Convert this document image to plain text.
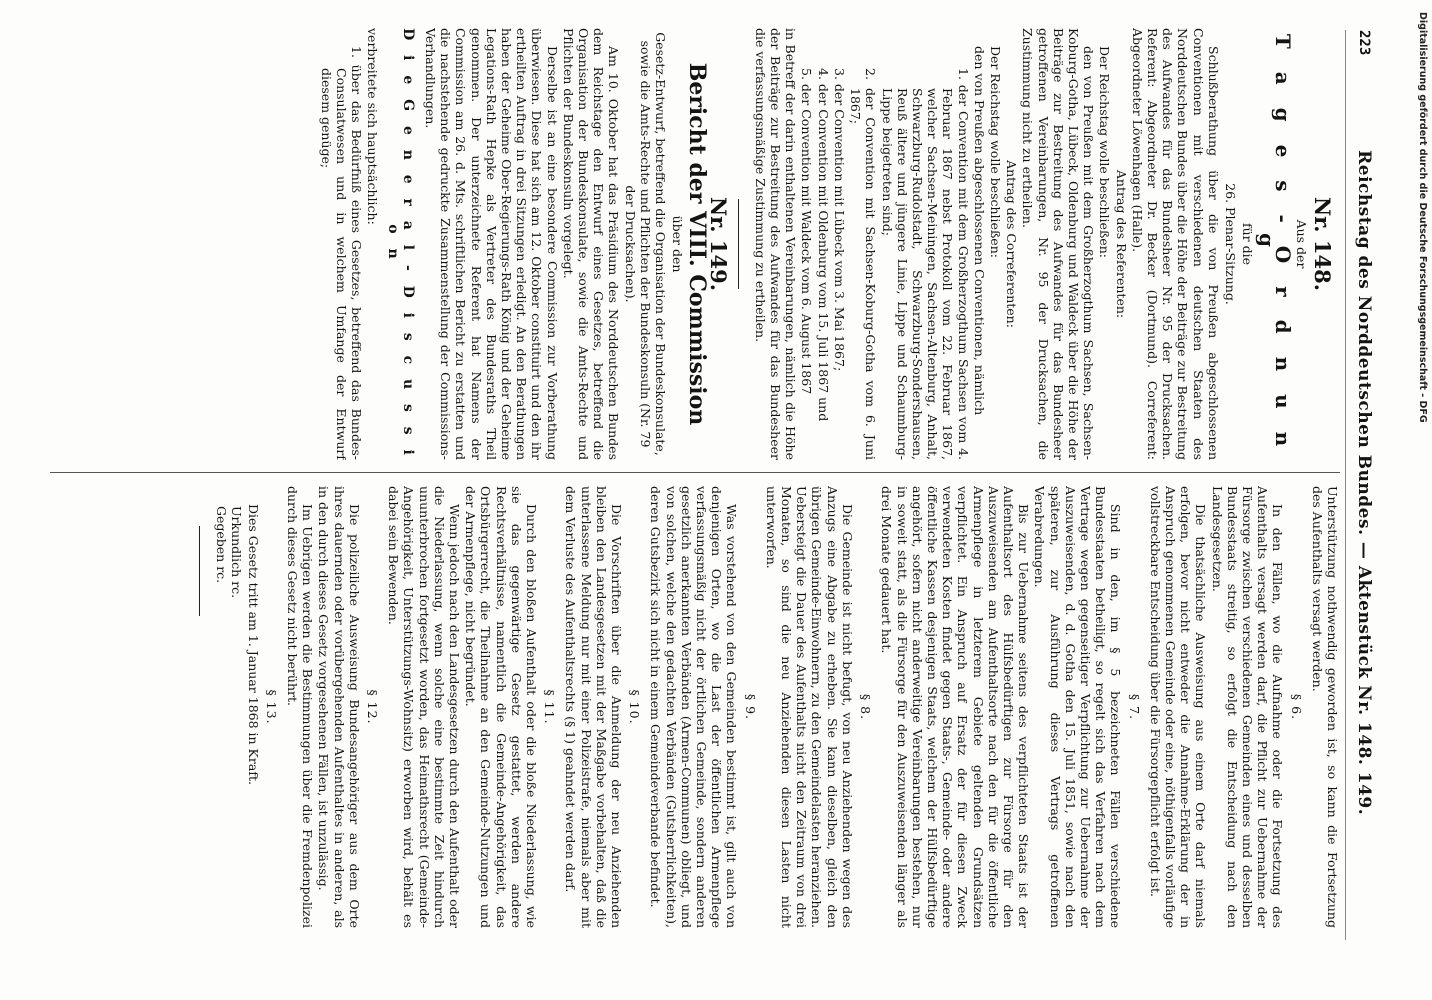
223
Reichstag des Norddeutschen Bundes. — Aktenstück Nr. 148. 149.
Nr. 148.
Aus der
T a g e s - O r d n u n g
für die
26. Plenar-Sitzung.

Schlußberathung über die von Preußen abgeschlossenen Conventionen mit verschiedenen deutschen Staaten des Norddeutschen Bundes über die Höhe der Beiträge zur Bestreitung des Aufwandes für das Bundesheer Nr. 95 der Drucksachen. Referent: Abgeordneter Dr. Becker (Dortmund). Correferent: Abgeordneter Löwenhagen (Halle).

Antrag des Referenten:

Der Reichstag wolle beschließen:

den von Preußen mit dem Großherzogthum Sachsen, Sachsen-Koburg-Gotha, Lübeck, Oldenburg und Waldeck über die Höhe der Beiträge zur Bestreitung des Aufwandes für das Bundesheer getroffenen Vereinbarungen, Nr. 95 der Drucksachen, die Zustimmung nicht zu ertheilen.

Antrag des Correferenten:

Der Reichstag wolle beschließen:

den von Preußen abgeschlossenen Conventionen, nämlich

1. der Convention mit dem Großherzogthum Sachsen vom 4. Februar 1867 nebst Protokoll vom 22. Februar 1867, welcher Sachsen-Meiningen, Sachsen-Altenburg, Anhalt, Schwarzburg-Rudolstadt, Schwarzburg-Sondershausen, Reuß ältere und jüngere Linie, Lippe und Schaumburg-Lippe beigetreten sind;
2. der Convention mit Sachsen-Koburg-Gotha vom 6. Juni 1867;
3. der Convention mit Lübeck vom 3. Mai 1867;
4. der Convention mit Oldenburg vom 15. Juli 1867 und
5. der Convention mit Waldeck vom 6. August 1867

in Betreff der darin enthaltenen Vereinbarungen, nämlich die Höhe der Beiträge zur Bestreitung des Aufwandes für das Bundesheer die verfassungsmäßige Zustimmung zu ertheilen.

Nr. 149.
Bericht der VIII. Commission
über den

Gesetz-Entwurf, betreffend die Organisation der Bundeskonsulate, sowie die Amts-Rechte und Pflichten der Bundeskonsuln (Nr. 79 der Drucksachen).

Am 10. Oktober hat das Präsidium des Norddeutschen Bundes dem Reichstage den Entwurf eines Gesetzes, betreffend die Organisation der Bundeskonsulate, sowie die Amts-Rechte und Pflichten der Bundeskonsuln vorgelegt.

Derselbe ist an eine besondere Commission zur Vorberathung überwiesen. Diese hat sich am 12. Oktober constituirt und den ihr ertheilten Auftrag in drei Sitzungen erledigt. An den Berathungen haben der Geheime Ober-Regierungs-Rath König und der Geheime Legations-Rath Hepke als Vertreter des Bundesraths Theil genommen. Der unterzeichnete Referent hat Namens der Commission am 26. d. Mts. schriftlichen Bericht zu erstatten und die nachstehende gedruckte Zusammenstellung der Commissions-Verhandlungen.

D i e G e n e r a l - D i s c u s s i o n

verbreitete sich hauptsächlich:

1. über das Bedürfniß eines Gesetzes, betreffend das Bundes-Consulatwesen und in welchem Umfange der Entwurf diesem genüge;

Unterstützung nothwendig geworden ist, so kann die Fortsetzung des Aufenthalts versagt werden.

§ 6.

In den Fällen, wo die Aufnahme oder die Fortsetzung des Aufenthalts versagt werden darf, die Pflicht zur Uebernahme der Fürsorge zwischen verschiedenen Gemeinden eines und desselben Bundesstaats streitig, so erfolgt die Entscheidung nach den Landesgesetzen.

Die thatsächliche Ausweisung aus einem Orte darf niemals erfolgen, bevor nicht entweder die Annahme-Erklärung der in Anspruch genommenen Gemeinde oder eine, nöthigenfalls vorläufige vollstreckbare Entscheidung über die Fürsorgepflicht erfolgt ist.

§ 7.

Sind in den, im § 5 bezeichneten Fällen verschiedene Bundesstaaten betheiligt, so regelt sich das Verfahren nach dem Vertrage wegen gegenseitiger Verpflichtung zur Uebernahme der Auszuweisenden, d. d. Gotha den 15. Juli 1851, sowie nach den späteren, zur Ausführung dieses Vertrags getroffenen Verabredungen.

Bis zur Uebernahme seitens des verpflichteten Staats ist der Aufenthaltsort des Hülfsbedürftigen zur Fürsorge für den Auszuweisenden am Aufenthaltsorte nach den für die öffentliche Armenpflege in letzterem Gebiete geltenden Grundsätzen verpflichtet. Ein Anspruch auf Ersatz der für diesen Zweck verwendeten Kosten findet gegen Staats-, Gemeinde- oder andere öffentliche Kassen desjenigen Staats, welchem der Hülfsbedürftige angehört, sofern nicht anderweitige Vereinbarungen bestehen, nur in soweit statt, als die Fürsorge für den Auszuweisenden länger als drei Monate gedauert hat.

§ 8.

Die Gemeinde ist nicht befugt, von neu Anziehenden wegen des Anzugs eine Abgabe zu erheben. Sie kann dieselben, gleich den übrigen Gemeinde-Einwohnern, zu den Gemeindelasten heranziehen. Uebersteigt die Dauer des Aufenthalts nicht den Zeitraum von drei Monaten, so sind die neu Anziehenden diesen Lasten nicht unterworfen.

§ 9.

Was vorstehend von den Gemeinden bestimmt ist, gilt auch von denjenigen Orten, wo die Last der öffentlichen Armenpflege verfassungsmäßig nicht der örtlichen Gemeinde, sondern anderen gesetzlich anerkannten Verbänden (Armen-Communen) obliegt, und von solchen, welche den gedachten Verbänden (Gutsherrlichkeiten), deren Gutsbezirk sich nicht in einem Gemeindeverbande befindet.

§ 10.

Die Vorschriften über die Anmeldung der neu Anziehenden bleiben den Landesgesetzen mit der Maßgabe vorbehalten, daß die unterlassene Meldung nur mit einer Polizeistrafe, niemals aber mit dem Verluste des Aufenthaltsrechts (§ 1) geahndet werden darf.

§ 11.

Durch den bloßen Aufenthalt oder die bloße Niederlassung, wie sie das gegenwärtige Gesetz gestattet, werden andere Rechtsverhältnisse, namentlich die Gemeinde-Angehörigkeit, das Ortsbürgerrecht, die Theilnahme an den Gemeinde-Nutzungen und der Armenpflege, nicht begründet.

Wenn jedoch nach den Landesgesetzen durch den Aufenthalt oder die Niederlassung, wenn solche eine bestimmte Zeit hindurch ununterbrochen fortgesetzt worden, das Heimathsrecht (Gemeinde-Angehörigkeit, Unterstützungs-Wohnsitz) erworben wird, behält es dabei sein Bewenden.

§ 12.

Die polizeiliche Ausweisung Bundesangehöriger aus dem Orte ihres dauernden oder vorübergehenden Aufenthaltes in anderen, als in den durch dieses Gesetz vorgesehenen Fällen, ist unzulässig.

Im Uebrigen werden die Bestimmungen über die Fremdenpolizei durch dieses Gesetz nicht berührt.

§ 13.

Dies Gesetz tritt am 1. Januar 1868 in Kraft.

Urkundlich rc.

Gegeben rc.

Digitalisierung gefördert durch die Deutsche Forschungsgemeinschaft - DFG
